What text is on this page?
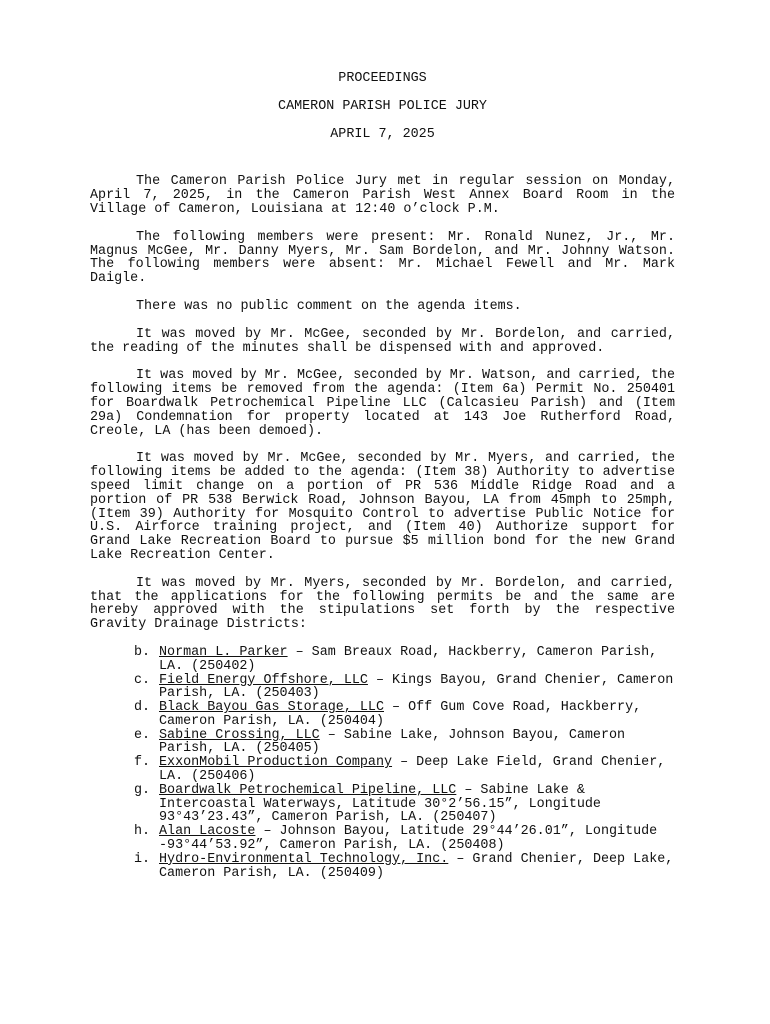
PROCEEDINGS

CAMERON PARISH POLICE JURY

APRIL 7, 2025

The Cameron Parish Police Jury met in regular session on Monday, April 7, 2025, in the Cameron Parish West Annex Board Room in the Village of Cameron, Louisiana at 12:40 o’clock P.M.

The following members were present: Mr. Ronald Nunez, Jr., Mr. Magnus McGee, Mr. Danny Myers, Mr. Sam Bordelon, and Mr. Johnny Watson. The following members were absent: Mr. Michael Fewell and Mr. Mark Daigle.

There was no public comment on the agenda items.

It was moved by Mr. McGee, seconded by Mr. Bordelon, and carried, the reading of the minutes shall be dispensed with and approved.

It was moved by Mr. McGee, seconded by Mr. Watson, and carried, the following items be removed from the agenda: (Item 6a) Permit No. 250401 for Boardwalk Petrochemical Pipeline LLC (Calcasieu Parish) and (Item 29a) Condemnation for property located at 143 Joe Rutherford Road, Creole, LA (has been demoed).

It was moved by Mr. McGee, seconded by Mr. Myers, and carried, the following items be added to the agenda: (Item 38) Authority to advertise speed limit change on a portion of PR 536 Middle Ridge Road and a portion of PR 538 Berwick Road, Johnson Bayou, LA from 45mph to 25mph, (Item 39) Authority for Mosquito Control to advertise Public Notice for U.S. Airforce training project, and (Item 40) Authorize support for Grand Lake Recreation Board to pursue $5 million bond for the new Grand Lake Recreation Center.

It was moved by Mr. Myers, seconded by Mr. Bordelon, and carried, that the applications for the following permits be and the same are hereby approved with the stipulations set forth by the respective Gravity Drainage Districts:

b. Norman L. Parker – Sam Breaux Road, Hackberry, Cameron Parish, LA. (250402)
c. Field Energy Offshore, LLC – Kings Bayou, Grand Chenier, Cameron Parish, LA. (250403)
d. Black Bayou Gas Storage, LLC – Off Gum Cove Road, Hackberry, Cameron Parish, LA. (250404)
e. Sabine Crossing, LLC – Sabine Lake, Johnson Bayou, Cameron Parish, LA. (250405)
f. ExxonMobil Production Company – Deep Lake Field, Grand Chenier, LA. (250406)
g. Boardwalk Petrochemical Pipeline, LLC – Sabine Lake & Intercoastal Waterways, Latitude 30°2’56.15”, Longitude 93°43’23.43”, Cameron Parish, LA. (250407)
h. Alan Lacoste – Johnson Bayou, Latitude 29°44’26.01”, Longitude -93°44’53.92”, Cameron Parish, LA. (250408)
i. Hydro-Environmental Technology, Inc. – Grand Chenier, Deep Lake, Cameron Parish, LA. (250409)
